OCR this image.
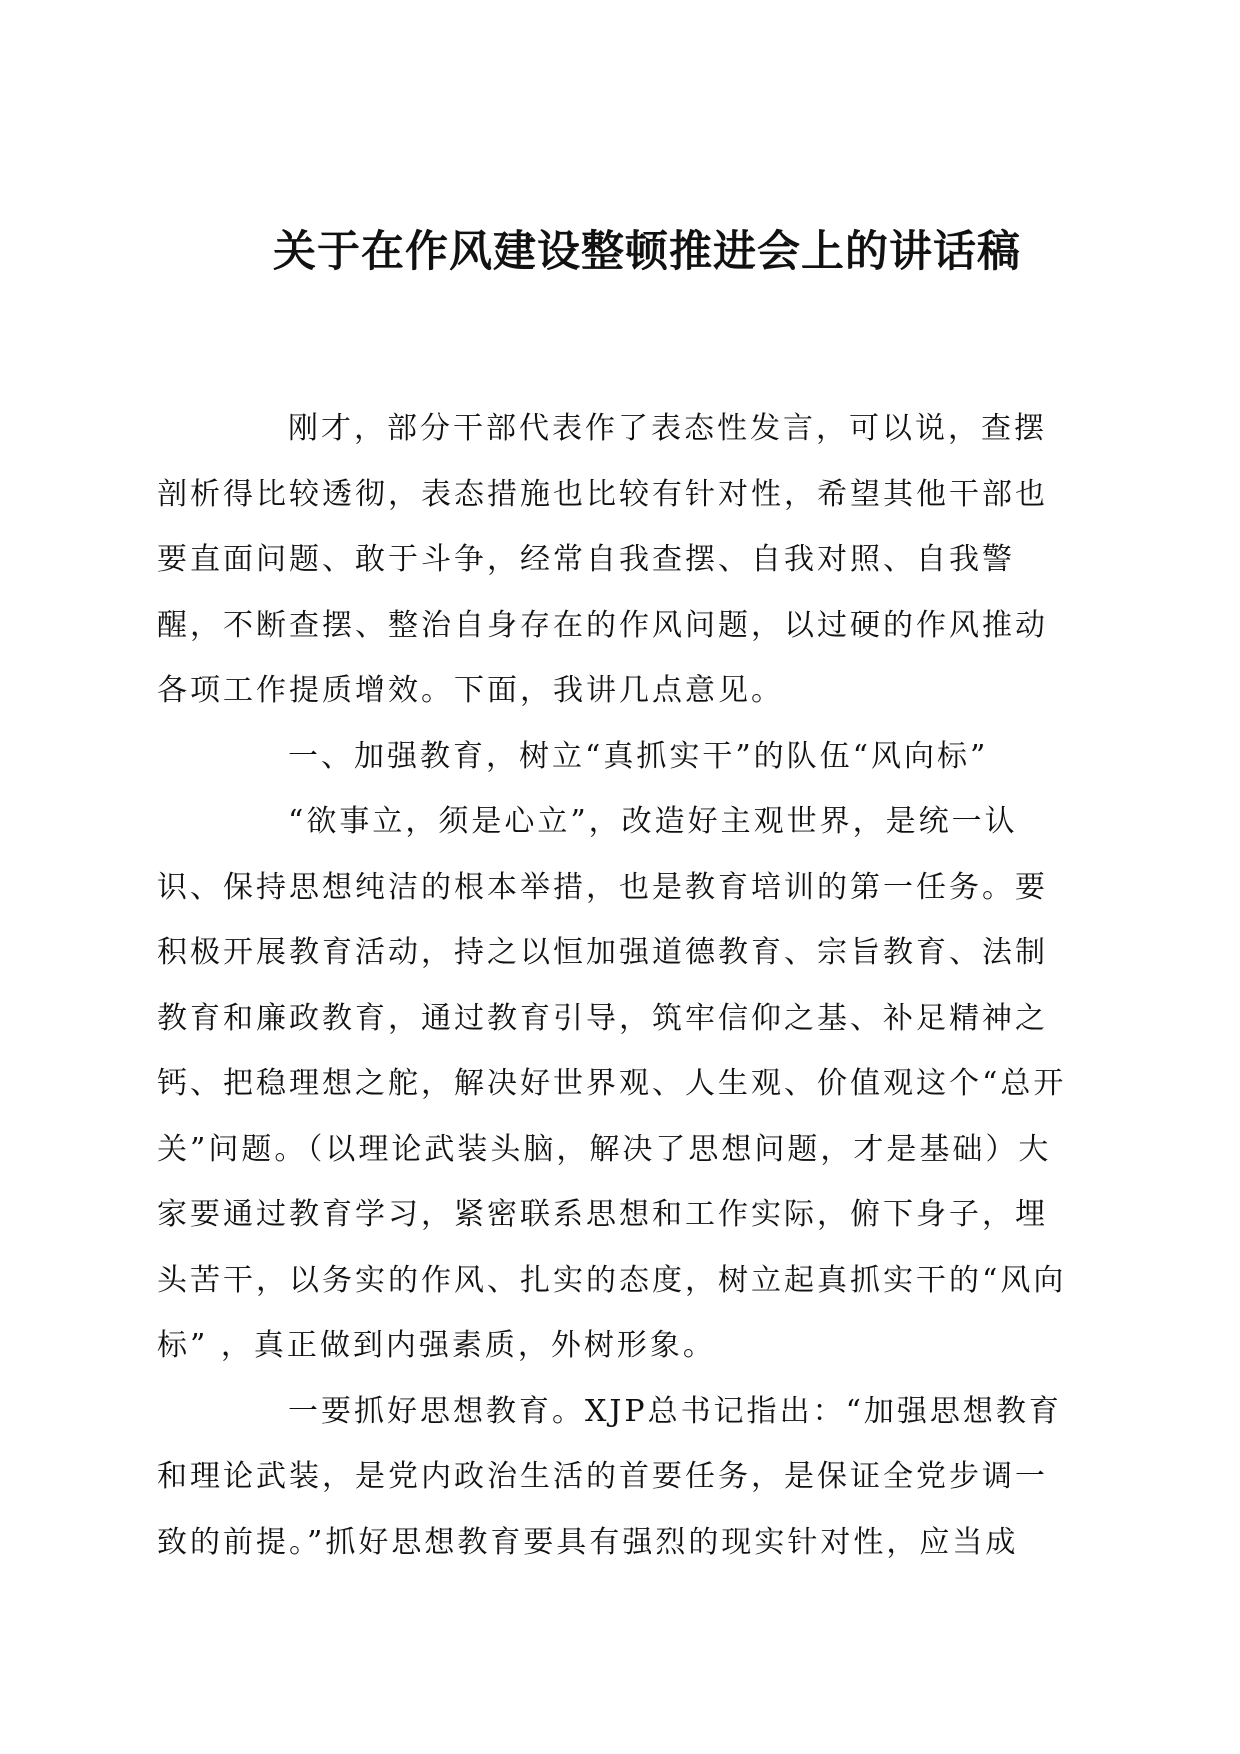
关于在作风建设整顿推进会上的讲话稿

刚才，部分干部代表作了表态性发言，可以说，查摆剖析得比较透彻，表态措施也比较有针对性，希望其他干部也要直面问题、敢于斗争，经常自我查摆、自我对照、自我警醒，不断查摆、整治自身存在的作风问题，以过硬的作风推动各项工作提质增效。下面，我讲几点意见。

一、加强教育，树立“真抓实干”的队伍“风向标”

“欲事立，须是心立”，改造好主观世界，是统一认识、保持思想纯洁的根本举措，也是教育培训的第一任务。要积极开展教育活动，持之以恒加强道德教育、宗旨教育、法制教育和廉政教育，通过教育引导，筑牢信仰之基、补足精神之钙、把稳理想之舵，解决好世界观、人生观、价值观这个“总开关”问题。（以理论武装头脑，解决了思想问题，才是基础）大家要通过教育学习，紧密联系思想和工作实际，俯下身子，埋头苦干，以务实的作风、扎实的态度，树立起真抓实干的“风向标” ，真正做到内强素质，外树形象。

一要抓好思想教育。XJP总书记指出：“加强思想教育和理论武装，是党内政治生活的首要任务，是保证全党步调一致的前提。”抓好思想教育要具有强烈的现实针对性，应当成
